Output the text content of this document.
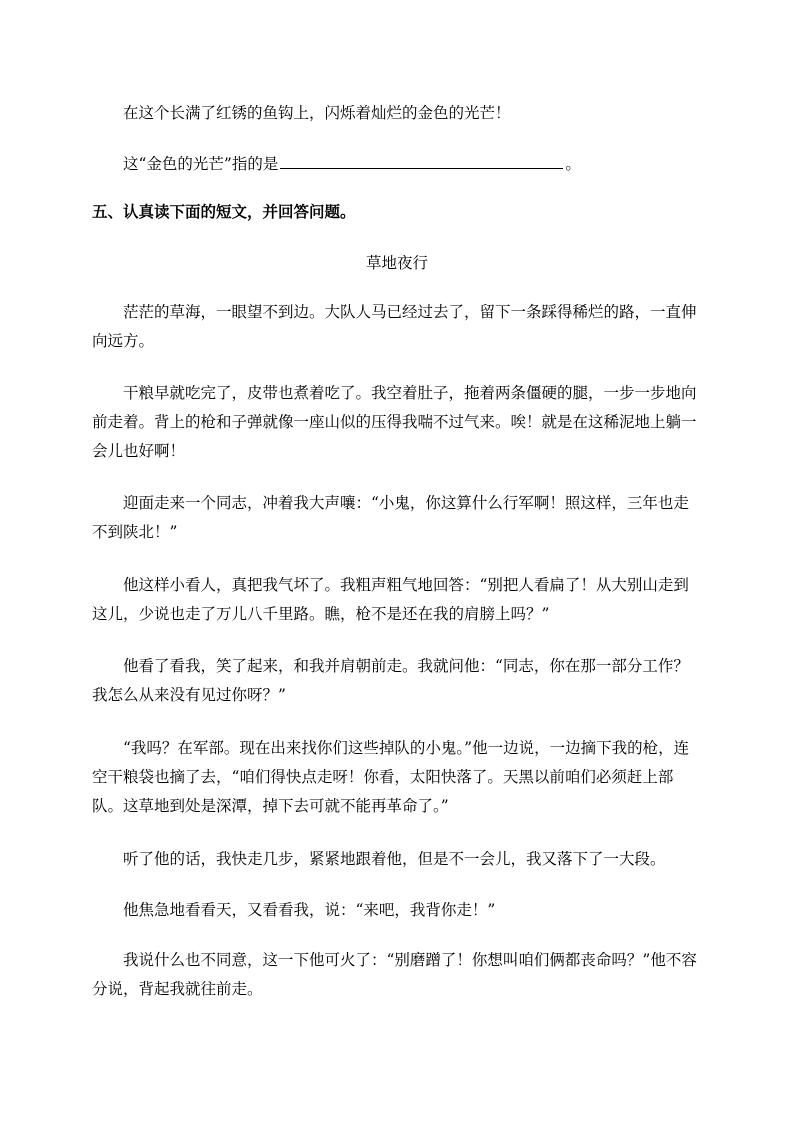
在这个长满了红锈的鱼钩上，闪烁着灿烂的金色的光芒！

这“金色的光芒”指的是	。

五、认真读下面的短文，并回答问题。

草地夜行

茫茫的草海，一眼望不到边。大队人马已经过去了，留下一条踩得稀烂的路，一直伸向远方。

干粮早就吃完了，皮带也煮着吃了。我空着肚子，拖着两条僵硬的腿，一步一步地向前走着。背上的枪和子弹就像一座山似的压得我喘不过气来。唉！就是在这稀泥地上躺一会儿也好啊！

迎面走来一个同志，冲着我大声嚷：“小鬼，你这算什么行军啊！照这样，三年也走不到陕北！”

他这样小看人，真把我气坏了。我粗声粗气地回答：“别把人看扁了！从大别山走到这儿，少说也走了万儿八千里路。瞧，枪不是还在我的肩膀上吗？”

他看了看我，笑了起来，和我并肩朝前走。我就问他：“同志，你在那一部分工作？我怎么从来没有见过你呀？”

“我吗？在军部。现在出来找你们这些掉队的小鬼。”他一边说，一边摘下我的枪，连空干粮袋也摘了去，“咱们得快点走呀！你看，太阳快落了。天黑以前咱们必须赶上部队。这草地到处是深潭，掉下去可就不能再革命了。”

听了他的话，我快走几步，紧紧地跟着他，但是不一会儿，我又落下了一大段。

他焦急地看看天，又看看我，说：“来吧，我背你走！”

我说什么也不同意，这一下他可火了：“别磨蹭了！你想叫咱们俩都丧命吗？”他不容分说，背起我就往前走。
